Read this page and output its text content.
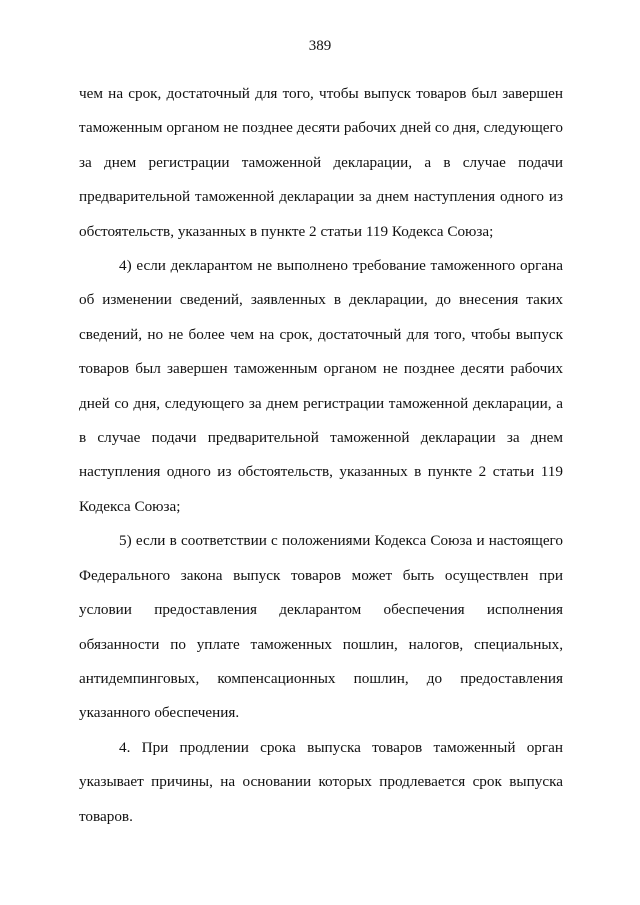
389

чем на срок, достаточный для того, чтобы выпуск товаров был завершен таможенным органом не позднее десяти рабочих дней со дня, следующего за днем регистрации таможенной декларации, а в случае подачи предварительной таможенной декларации за днем наступления одного из обстоятельств, указанных в пункте 2 статьи 119 Кодекса Союза;

4) если декларантом не выполнено требование таможенного органа об изменении сведений, заявленных в декларации, до внесения таких сведений, но не более чем на срок, достаточный для того, чтобы выпуск товаров был завершен таможенным органом не позднее десяти рабочих дней со дня, следующего за днем регистрации таможенной декларации, а в случае подачи предварительной таможенной декларации за днем наступления одного из обстоятельств, указанных в пункте 2 статьи 119 Кодекса Союза;

5) если в соответствии с положениями Кодекса Союза и настоящего Федерального закона выпуск товаров может быть осуществлен при условии предоставления декларантом обеспечения исполнения обязанности по уплате таможенных пошлин, налогов, специальных, антидемпинговых, компенсационных пошлин, до предоставления указанного обеспечения.

4. При продлении срока выпуска товаров таможенный орган указывает причины, на основании которых продлевается срок выпуска товаров.
